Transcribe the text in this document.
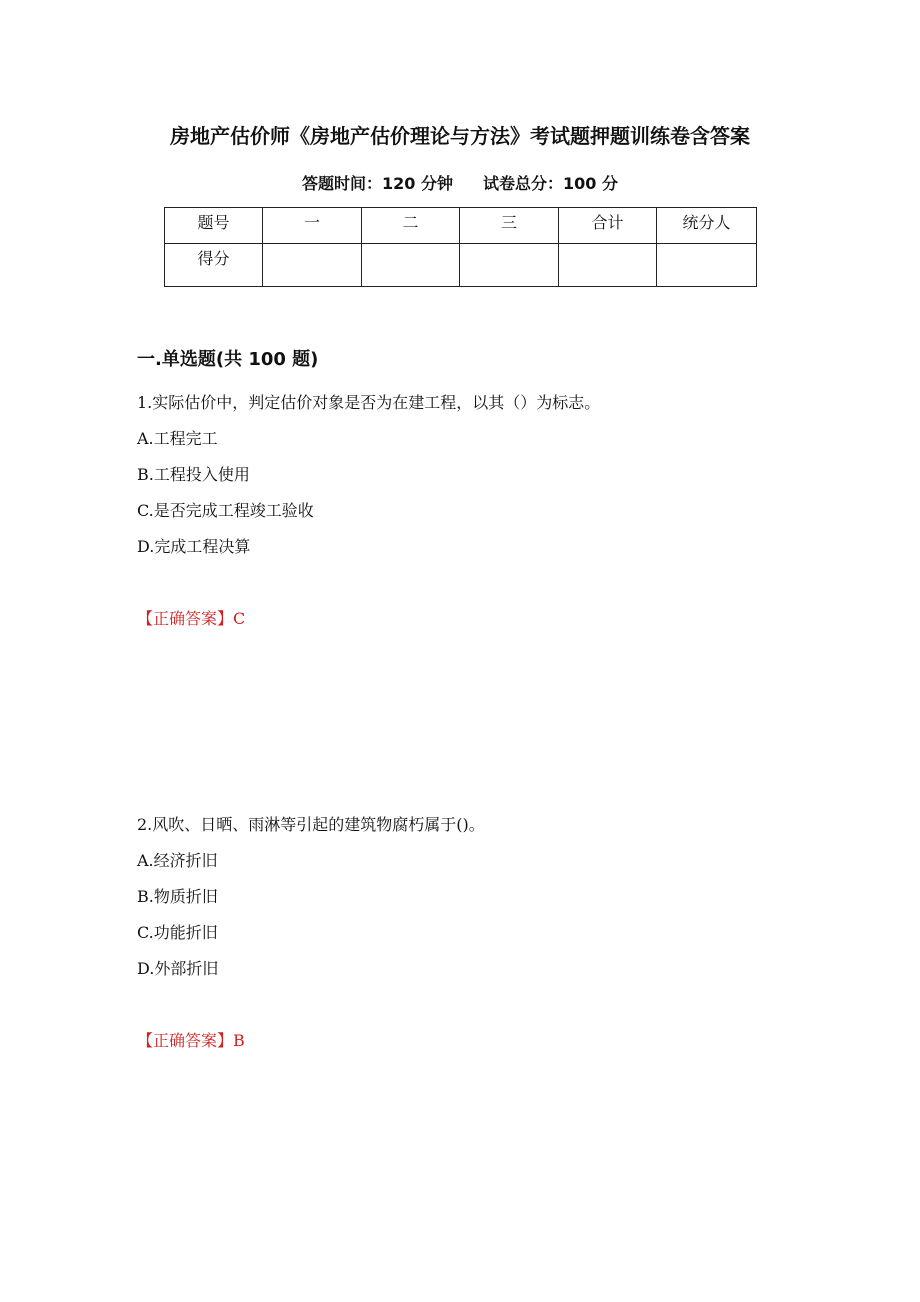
房地产估价师《房地产估价理论与方法》考试题押题训练卷含答案
答题时间：120 分钟 试卷总分：100 分
题号	一	二	三	合计	统分人
得分					
一.单选题(共 100 题)
1.实际估价中，判定估价对象是否为在建工程，以其（）为标志。
A.工程完工
B.工程投入使用
C.是否完成工程竣工验收
D.完成工程决算
【正确答案】C
2.风吹、日晒、雨淋等引起的建筑物腐朽属于()。
A.经济折旧
B.物质折旧
C.功能折旧
D.外部折旧
【正确答案】B
